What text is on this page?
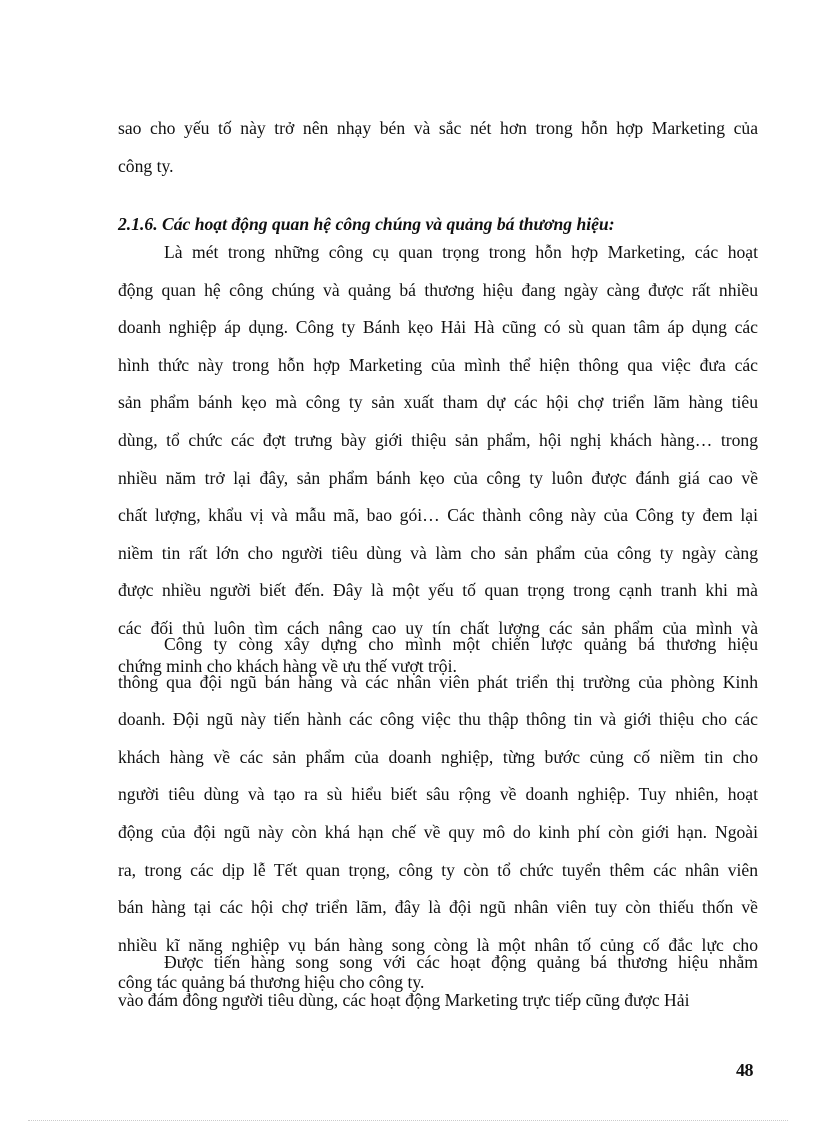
sao cho yếu tố này trở nên nhạy bén và sắc nét hơn trong hỗn hợp Marketing của
công ty.
2.1.6. Các hoạt động quan hệ công chúng và quảng bá thương hiệu:
Là mét trong những công cụ quan trọng trong hỗn hợp Marketing, các hoạt
động quan hệ công chúng và quảng bá thương hiệu đang ngày càng được rất nhiều
doanh nghiệp áp dụng. Công ty Bánh kẹo Hải Hà cũng có sù quan tâm áp dụng các
hình thức này trong hỗn hợp Marketing của mình thể hiện thông qua việc đưa các
sản phẩm bánh kẹo mà công ty sản xuất tham dự các hội chợ triển lãm hàng tiêu
dùng, tổ chức các đợt trưng bày giới thiệu sản phẩm, hội nghị khách hàng… trong
nhiều năm trở lại đây, sản phẩm bánh kẹo của công ty luôn được đánh giá cao về
chất lượng, khẩu vị và mẫu mã, bao gói… Các thành công này của Công ty đem lại
niềm tin rất lớn cho người tiêu dùng và làm cho sản phẩm của công ty ngày càng
được nhiều người biết đến. Đây là một yếu tố quan trọng trong cạnh tranh khi mà
các đối thủ luôn tìm cách nâng cao uy tín chất lượng các sản phẩm của mình và
chứng minh cho khách hàng về ưu thế vượt trội.
Công ty còng xây dựng cho mình một chiến lược quảng bá thương hiệu
thông qua đội ngũ bán hàng và các nhân viên phát triển thị trường của phòng Kinh
doanh. Đội ngũ này tiến hành các công việc thu thập thông tin và giới thiệu cho các
khách hàng về các sản phẩm của doanh nghiệp, từng bước củng cố niềm tin cho
người tiêu dùng và tạo ra sù hiểu biết sâu rộng về doanh nghiệp. Tuy nhiên, hoạt
động của đội ngũ này còn khá hạn chế về quy mô do kinh phí còn giới hạn. Ngoài
ra, trong các dịp lễ Tết quan trọng, công ty còn tổ chức tuyển thêm các nhân viên
bán hàng tại các hội chợ triển lãm, đây là đội ngũ nhân viên tuy còn thiếu thốn về
nhiều kĩ năng nghiệp vụ bán hàng song còng là một nhân tố củng cố đắc lực cho
công tác quảng bá thương hiệu cho công ty.
Được tiến hàng song song với các hoạt động quảng bá thương hiệu nhằm
vào đám đông người tiêu dùng, các hoạt động Marketing trực tiếp cũng được Hải
48
